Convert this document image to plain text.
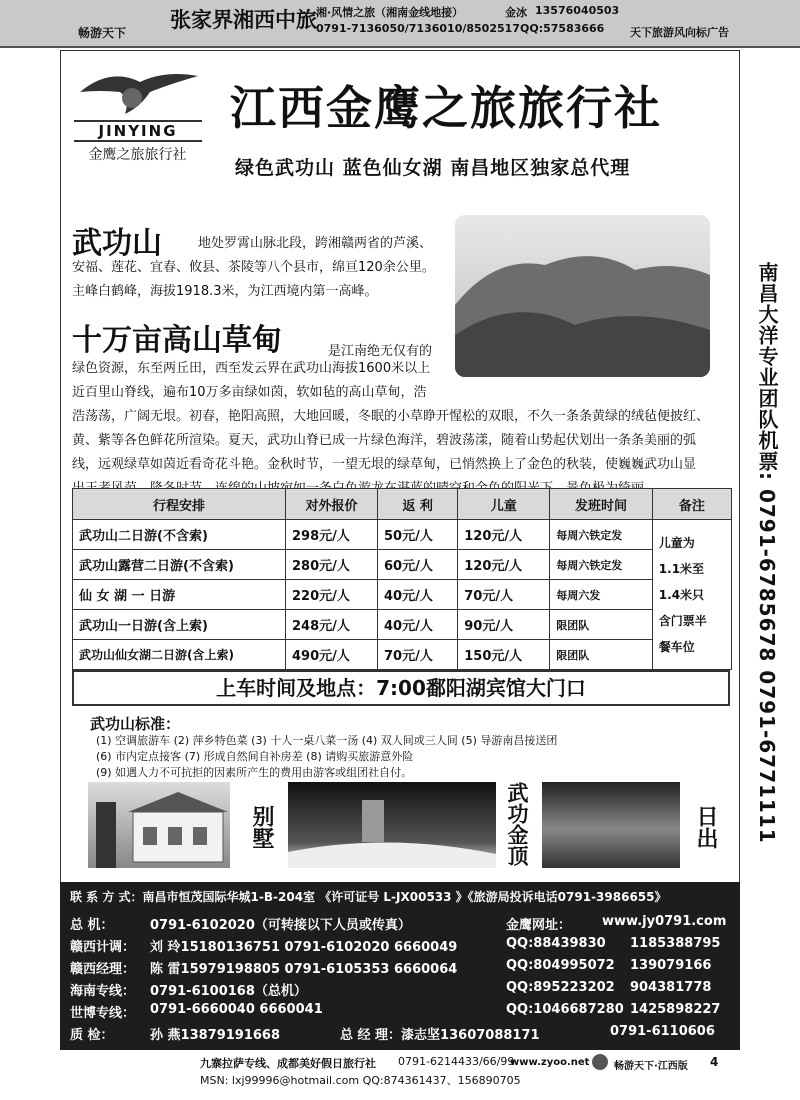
畅游天下
张家界湘西中旅 湘·风情之旅（湘南金线地接）	金冰 13576040503
0791-7136050/7136010/8502517 QQ:57583666 天下旅游风向标广告
JINYING
金鹰之旅旅行社
江西金鹰之旅旅行社
绿色武功山 蓝色仙女湖 南昌地区独家总代理
武功山	地处罗霄山脉北段，跨湘赣两省的芦溪、
安福、莲花、宜春、攸县、茶陵等八个县市，绵亘120余公里。
主峰白鹤峰，海拔1918.3米，为江西境内第一高峰。
十万亩高山草甸	是江南绝无仅有的
绿色资源，东至两丘田，西至发云界在武功山海拔1600米以上
近百里山脊线，遍布10万多亩绿如茵，软如毡的高山草甸，浩
浩荡荡，广阔无垠。初春，艳阳高照，大地回暖，冬眠的小草睁开惺松的双眼，不久一条条黄绿的绒毡便披红、
黄、紫等各色鲜花所渲染。夏天，武功山脊已成一片绿色海洋，碧波荡漾，随着山势起伏划出一条条美丽的弧
线，远观绿草如茵近看奇花斗艳。金秋时节，一望无垠的绿草甸，已悄然换上了金色的秋装，使巍巍武功山显
行程安排	对外报价	返 利	儿童	发班时间	备注
武功山二日游(不含索)	298元/人	50元/人	120元/人	每周六铁定发	儿童为
1.1米至
1.4米只
含门票半
餐车位

武功山露营二日游(不含索)	280元/人	60元/人	120元/人	每周六铁定发	
仙 女 湖 一 日游	220元/人	40元/人	70元/人	每周六发	
武功山一日游(含上索)	248元/人	40元/人	90元/人	限团队	
武功山仙女湖二日游(含上索)	490元/人	70元/人	150元/人	限团队	
上车时间及地点：7:00鄱阳湖宾馆大门口
武功山标准：
(1) 空调旅游车 (2) 萍乡特色菜 (3) 十人一桌八菜一汤 (4) 双人间或三人间 (5) 导游南昌接送团
(6) 市内定点接客 (7) 形成自然间自补房差 (8) 请购买旅游意外险
(9) 如遇人力不可抗拒的因素所产生的费用由游客或组团社自付。
别墅	武功金顶	日出	南昌大洋专业团队机票: 0791-6785678 0791-6771111
联 系 方 式：南昌市恒茂国际华城1-B-204室 《许可证号 L-JX00533 》《旅游局投诉电话0791-3986655》
总 机：	0791-6102020（可转接以下人员或传真）	金鹰网址： www.jy0791.com
赣西计调： 刘 玲15180136751 0791-6102020 6660049	QQ:88439830 1185388795
赣西经理： 陈 雷15979198805 0791-6105353 6660064	QQ:804995072 139079166
海南专线： 0791-6100168（总机）	QQ:895223202 904381778
世博专线： 0791-6660040 6660041	QQ:1046687280 1425898227
质 检：	孙 燕13879191668	总 经 理：漆志坚13607088171	0791-6110606
九寨拉萨专线、成都美好假日旅行社 0791-6214433/66/99
www.zyoo.net 畅游天下·江西版 4
MSN: lxj99996@hotmail.com QQ:874361437、156890705
